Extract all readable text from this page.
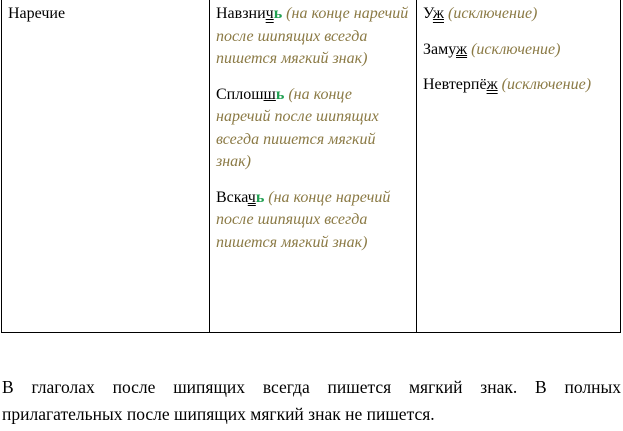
Наречие	Навзничь (на конце наречий после шипящих всегда пишется мягкий знак)

Сплошшь (на конце наречий после шипящих всегда пишется мягкий знак)

Вскачь (на конце наречий после шипящих всегда пишется мягкий знак)

Уж (исключение)

Замуж (исключение)

Невтерпёж (исключение)

В глаголах после шипящих всегда пишется мягкий знак. В полных прилагательных после шипящих мягкий знак не пишется.
